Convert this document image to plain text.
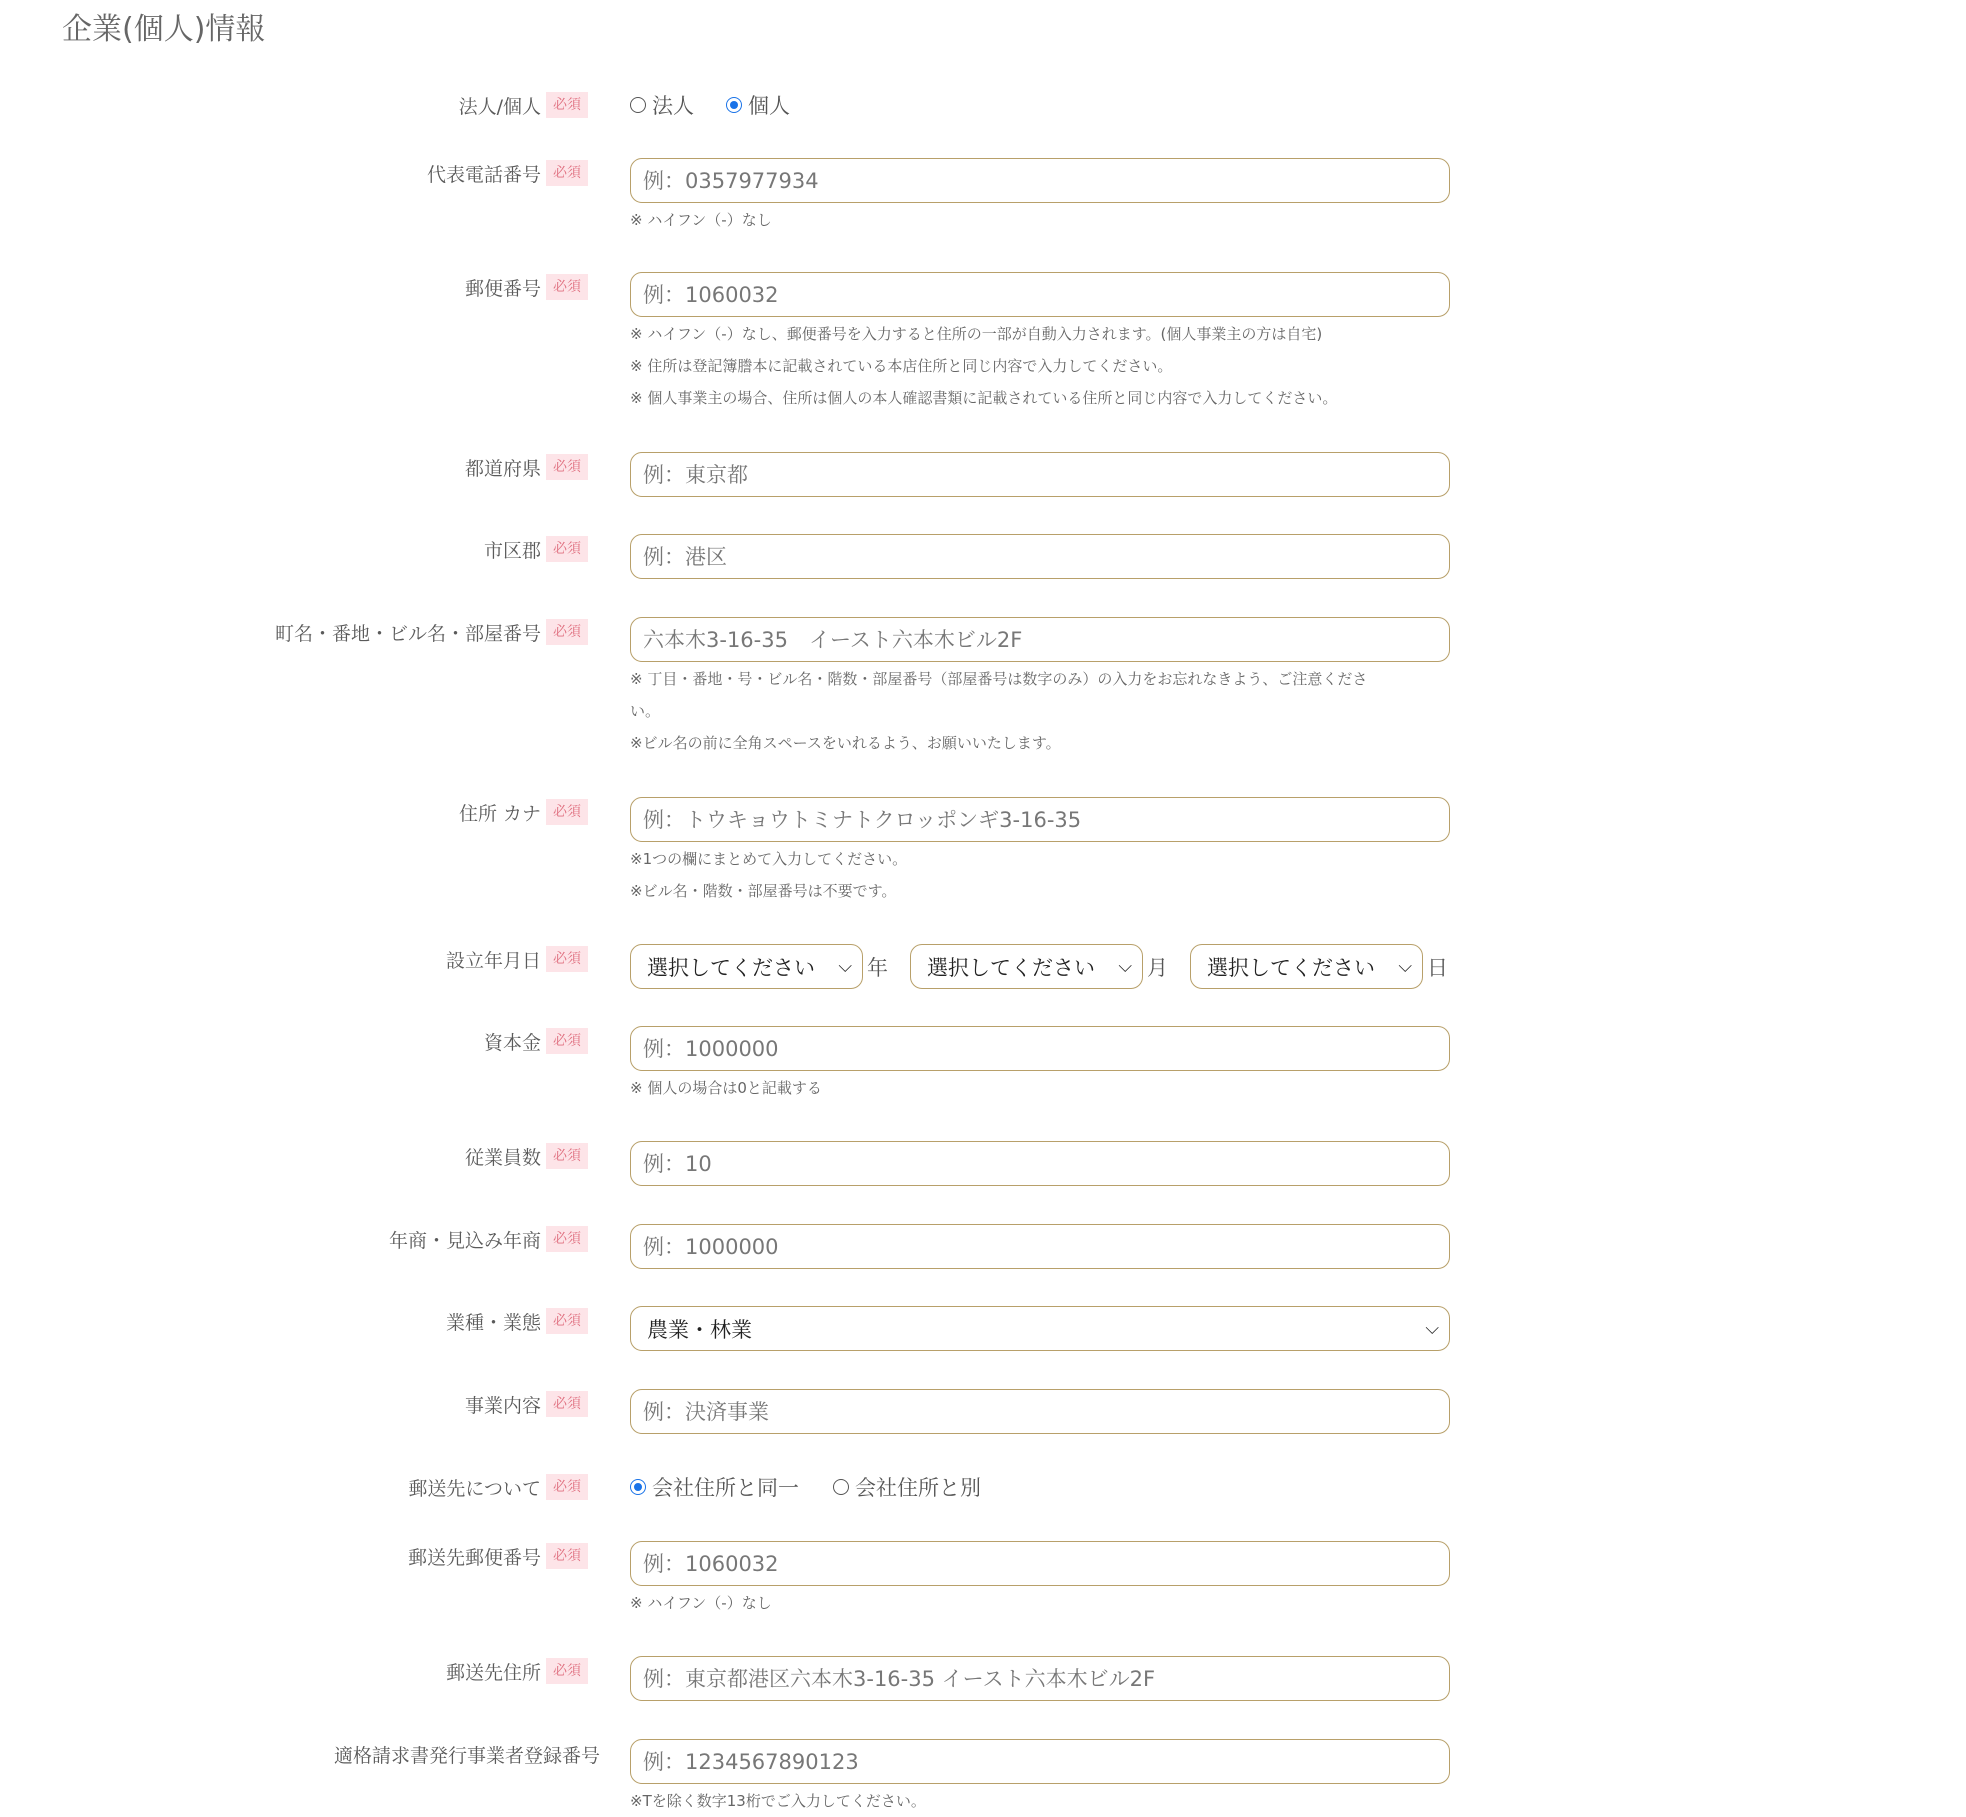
企業(個人)情報
法人/個人 必須	法人	個人
代表電話番号 必須
例：0357977934
※ ハイフン（-）なし
郵便番号 必須
例：1060032
※ ハイフン（-）なし、郵便番号を入力すると住所の一部が自動入力されます。(個人事業主の方は自宅)
※ 住所は登記簿謄本に記載されている本店住所と同じ内容で入力してください。
※ 個人事業主の場合、住所は個人の本人確認書類に記載されている住所と同じ内容で入力してください。
都道府県 必須
例：東京都
市区郡 必須
例：港区
町名・番地・ビル名・部屋番号 必須
六本木3-16-35　イースト六本木ビル2F
※ 丁目・番地・号・ビル名・階数・部屋番号（部屋番号は数字のみ）の入力をお忘れなきよう、ご注意くださ
い。
※ビル名の前に全角スペースをいれるよう、お願いいたします。
住所 カナ 必須
例：トウキョウトミナトクロッポンギ3-16-35
※1つの欄にまとめて入力してください。
※ビル名・階数・部屋番号は不要です。
設立年月日 必須	選択してください ⌵ 年 選択してください ⌵ 月 選択してください ⌵ 日
資本金 必須
例：1000000
※ 個人の場合は0と記載する
従業員数 必須
例：10
年商・見込み年商 必須
例：1000000
業種・業態 必須	農業・林業	⌵
事業内容 必須
例：決済事業
郵送先について 必須	会社住所と同一	会社住所と別
郵送先郵便番号 必須
例：1060032
※ ハイフン（-）なし
郵送先住所 必須
例：東京都港区六本木3-16-35 イースト六本木ビル2F
適格請求書発行事業者登録番号
例：1234567890123
※Tを除く数字13桁でご入力してください。
